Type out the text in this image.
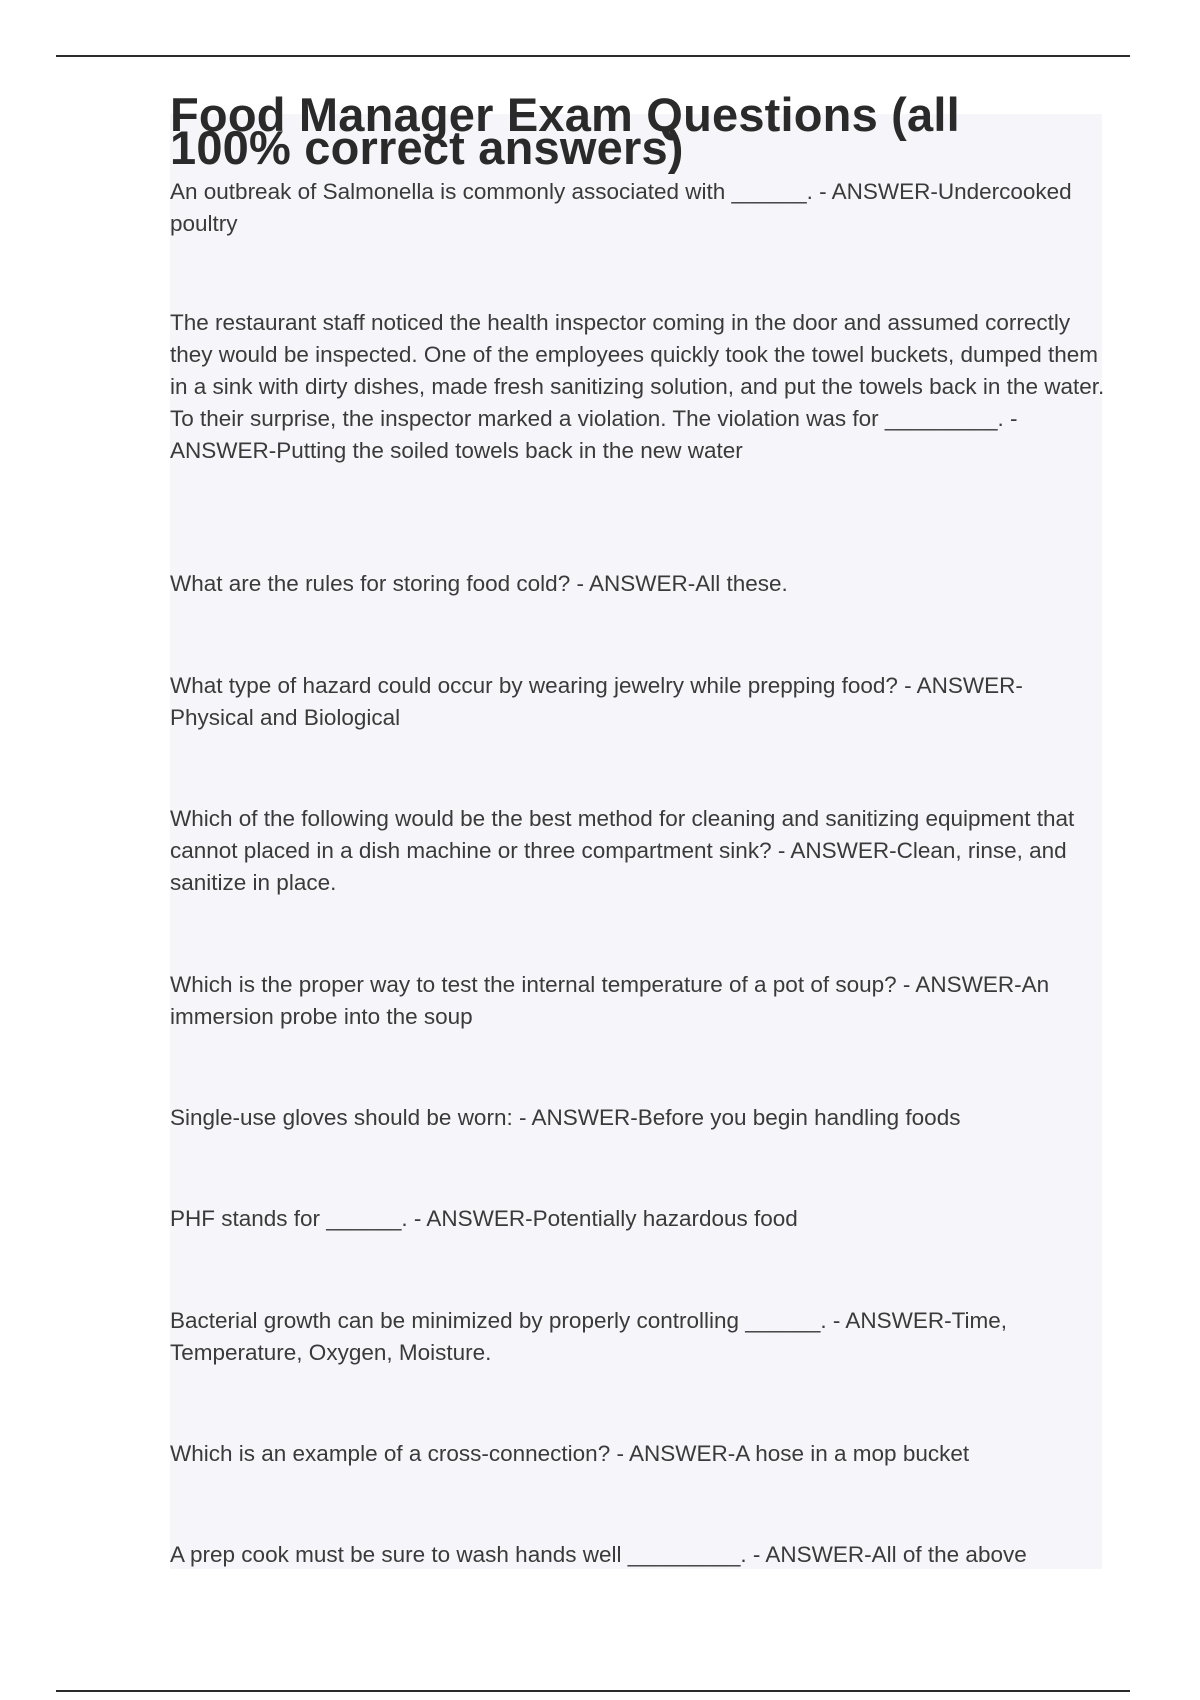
Food Manager Exam Questions (all 100% correct answers)

An outbreak of Salmonella is commonly associated with ______. - ANSWER-Undercooked poultry

The restaurant staff noticed the health inspector coming in the door and assumed correctly they would be inspected. One of the employees quickly took the towel buckets, dumped them in a sink with dirty dishes, made fresh sanitizing solution, and put the towels back in the water. To their surprise, the inspector marked a violation. The violation was for _________. - ANSWER-Putting the soiled towels back in the new water

What are the rules for storing food cold? - ANSWER-All these.

What type of hazard could occur by wearing jewelry while prepping food? - ANSWER-Physical and Biological

Which of the following would be the best method for cleaning and sanitizing equipment that cannot placed in a dish machine or three compartment sink? - ANSWER-Clean, rinse, and sanitize in place.

Which is the proper way to test the internal temperature of a pot of soup? - ANSWER-An immersion probe into the soup

Single-use gloves should be worn: - ANSWER-Before you begin handling foods

PHF stands for ______. - ANSWER-Potentially hazardous food

Bacterial growth can be minimized by properly controlling ______. - ANSWER-Time, Temperature, Oxygen, Moisture.

Which is an example of a cross-connection? - ANSWER-A hose in a mop bucket

A prep cook must be sure to wash hands well _________. - ANSWER-All of the above
